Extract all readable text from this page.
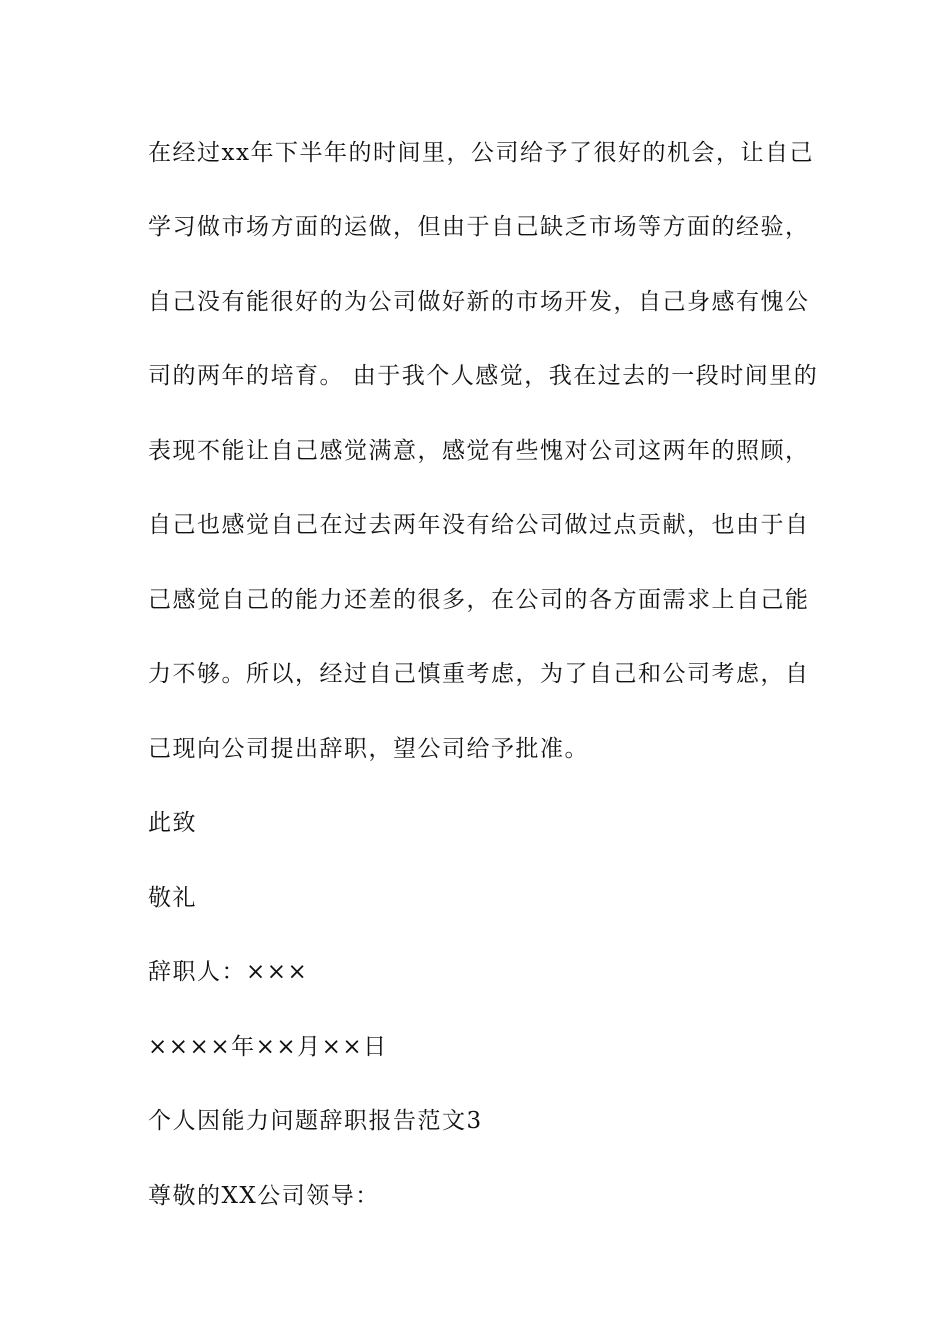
在经过xx年下半年的时间里，公司给予了很好的机会，让自己
学习做市场方面的运做，但由于自己缺乏市场等方面的经验，
自己没有能很好的为公司做好新的市场开发，自己身感有愧公
司的两年的培育。 由于我个人感觉，我在过去的一段时间里的
表现不能让自己感觉满意，感觉有些愧对公司这两年的照顾，
自己也感觉自己在过去两年没有给公司做过点贡献，也由于自
己感觉自己的能力还差的很多，在公司的各方面需求上自己能
力不够。所以，经过自己慎重考虑，为了自己和公司考虑，自
己现向公司提出辞职，望公司给予批准。
此致
敬礼
辞职人：×××
××××年××月××日
个人因能力问题辞职报告范文3
尊敬的XX公司领导：
